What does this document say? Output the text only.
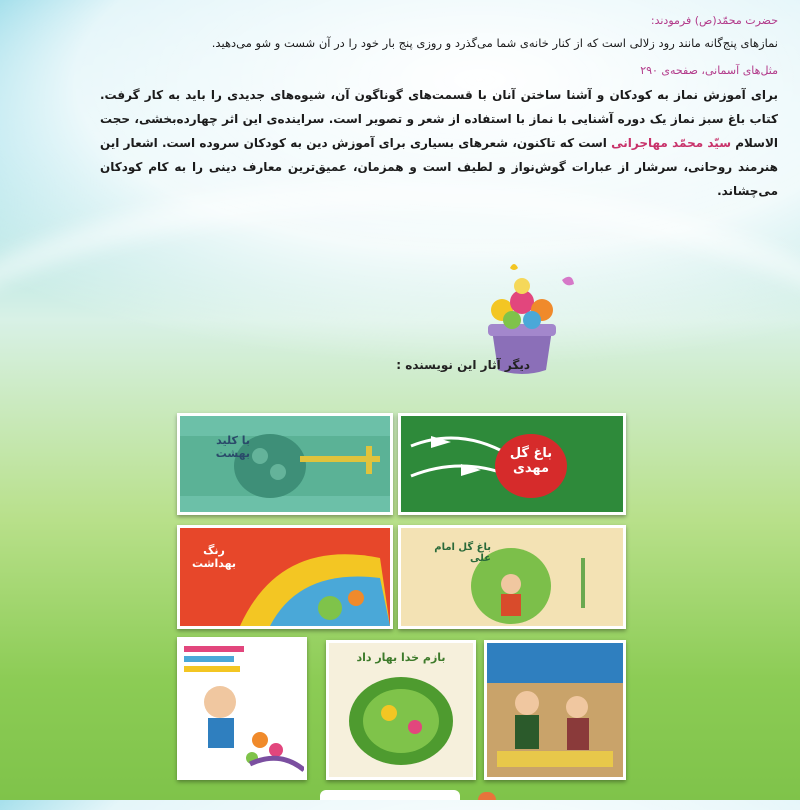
حضرت محمّد(ص) فرمودند:

نمازهای پنج‌گانه مانند رود زلالی است که از کنار خانه‌ی شما می‌گذرد و روزی پنج بار خود را در آن شست و شو می‌دهید.

مثل‌های آسمانی، صفحه‌ی ۲۹۰

برای آموزش نماز به کودکان و آشنا ساختن آنان با قسمت‌های گوناگون آن، شیوه‌های جدیدی را باید به کار گرفت. کتاب باغ سبز نماز یک دوره آشنایی با نماز با استفاده از شعر و تصویر است. سراینده‌ی این اثر چهارده‌بخشی، حجت الاسلام سیّد محمّد مهاجرانی است که تاکنون، شعرهای بسیاری برای آموزش دین به کودکان سروده است. اشعار این هنرمند روحانی، سرشار از عبارات گوش‌نواز و لطیف است و همزمان، عمیق‌ترین معارف دینی را به کام کودکان می‌چشاند.

دیگر آثار این نویسنده :
باغ گل مهدی
با کلید بهشت
باغ گل امام علی
رنگ بهداشت
بازم خدا بهار داد
